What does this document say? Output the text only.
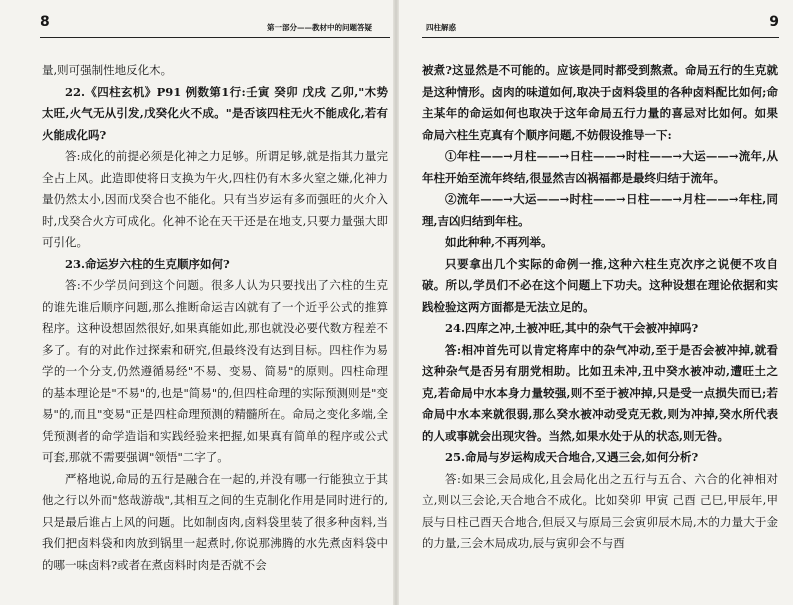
8	第一部分——教材中的问题答疑

量,则可强制性地反化木。

22.《四柱玄机》P91 例数第1行:壬寅 癸卯 戊戌 乙卯,"木势太旺,火气无从引发,戊癸化火不成。"是否该四柱无火不能成化,若有火能成化吗?

答:成化的前提必须是化神之力足够。所谓足够,就是指其力量完全占上风。此造即使将日支换为午火,四柱仍有木多火窒之嫌,化神力量仍然太小,因而戊癸合也不能化。只有当岁运有多而强旺的火介入时,戊癸合火方可成化。化神不论在天干还是在地支,只要力量强大即可引化。

23.命运岁六柱的生克顺序如何?

答:不少学员问到这个问题。很多人认为只要找出了六柱的生克的谁先谁后顺序问题,那么推断命运吉凶就有了一个近乎公式的推算程序。这种设想固然很好,如果真能如此,那也就没必要代数方程差不多了。有的对此作过探索和研究,但最终没有达到目标。四柱作为易学的一个分支,仍然遵循易经"不易、变易、简易"的原则。四柱命理的基本理论是"不易"的,也是"简易"的,但四柱命理的实际预测则是"变易"的,而且"变易"正是四柱命理预测的精髓所在。命局之变化多端,全凭预测者的命学造诣和实践经验来把握,如果真有简单的程序或公式可套,那就不需要强调"领悟"二字了。

严格地说,命局的五行是融合在一起的,并没有哪一行能独立于其他之行以外而"悠哉游哉",其相互之间的生克制化作用是同时进行的,只是最后谁占上风的问题。比如制卤肉,卤料袋里装了很多种卤料,当我们把卤料袋和肉放到锅里一起煮时,你说那沸腾的水先煮卤料袋中的哪一味卤料?或者在煮卤料时肉是否就不会

四柱解惑	9

被煮?这显然是不可能的。应该是同时都受到熬煮。命局五行的生克就是这种情形。卤肉的味道如何,取决于卤料袋里的各种卤料配比如何;命主某年的命运如何也取决于这年命局五行力量的喜忌对比如何。如果命局六柱生克真有个顺序问题,不妨假设推导一下:

①年柱——→月柱——→日柱——→时柱——→大运——→流年,从年柱开始至流年终结,很显然吉凶祸福都是最终归结于流年。

②流年——→大运——→时柱——→日柱——→月柱——→年柱,同理,吉凶归结到年柱。

如此种种,不再列举。

只要拿出几个实际的命例一推,这种六柱生克次序之说便不攻自破。所以,学员们不必在这个问题上下功夫。这种设想在理论依据和实践检验这两方面都是无法立足的。

24.四库之冲,土被冲旺,其中的杂气干会被冲掉吗?

答:相冲首先可以肯定将库中的杂气冲动,至于是否会被冲掉,就看这种杂气是否另有朋党相助。比如丑未冲,丑中癸水被冲动,遭旺土之克,若命局中水本身力量较强,则不至于被冲掉,只是受一点损失而已;若命局中水本来就很弱,那么癸水被冲动受克无救,则为冲掉,癸水所代表的人或事就会出现灾咎。当然,如果水处于从的状态,则无咎。

25.命局与岁运构成天合地合,又遇三会,如何分析?

答:如果三会局成化,且会局化出之五行与五合、六合的化神相对立,则以三会论,天合地合不成化。比如癸卯 甲寅 己酉 己巳,甲辰年,甲辰与日柱己酉天合地合,但辰又与原局三会寅卯辰木局,木的力量大于金的力量,三会木局成功,辰与寅卯会不与酉
